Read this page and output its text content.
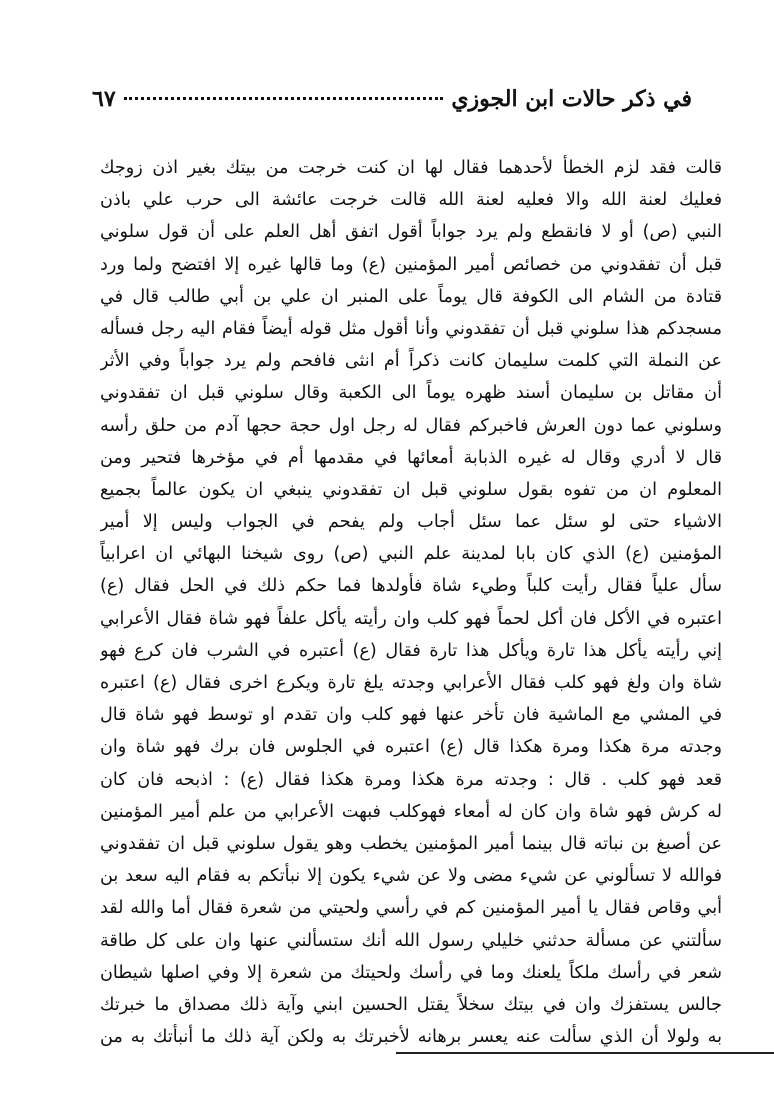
في ذكر حالات ابن الجوزي
٦٧
قالت فقد لزم الخطأ لأحدهما فقال لها ان كنت خرجت من بيتك بغير اذن زوجك
فعليك لعنة الله والا فعليه لعنة الله قالت خرجت عائشة الى حرب علي باذن
النبي (ص) أو لا فانقطع ولم يرد جواباً أقول اتفق أهل العلم على أن قول سلوني
قبل أن تفقدوني من خصائص أمير المؤمنين (ع) وما قالها غيره إلا افتضح ولما ورد
قتادة من الشام الى الكوفة قال يوماً على المنبر ان علي بن أبي طالب قال في
مسجدكم هذا سلوني قبل أن تفقدوني وأنا أقول مثل قوله أيضاً فقام اليه رجل فسأله
عن النملة التي كلمت سليمان كانت ذكراً أم انثى فافحم ولم يرد جواباً وفي الأثر
أن مقاتل بن سليمان أسند ظهره يوماً الى الكعبة وقال سلوني قبل ان تفقدوني
وسلوني عما دون العرش فاخبركم فقال له رجل اول حجة حجها آدم من حلق رأسه
قال لا أدري وقال له غيره الذبابة أمعائها في مقدمها أم في مؤخرها فتحير ومن
المعلوم ان من تفوه بقول سلوني قبل ان تفقدوني ينبغي ان يكون عالماً بجميع
الاشياء حتى لو سئل عما سئل أجاب ولم يفحم في الجواب وليس إلا أمير
المؤمنين (ع) الذي كان بابا لمدينة علم النبي (ص) روى شيخنا البهائي ان اعرابياً
سأل علياً فقال رأيت كلباً وطيء شاة فأولدها فما حكم ذلك في الحل فقال (ع)
اعتبره في الأكل فان أكل لحماً فهو كلب وان رأيته يأكل علفاً فهو شاة فقال الأعرابي
إني رأيته يأكل هذا تارة ويأكل هذا تارة فقال (ع) أعتبره في الشرب فان كرع فهو
شاة وان ولغ فهو كلب فقال الأعرابي وجدته يلغ تارة ويكرع اخرى فقال (ع) اعتبره
في المشي مع الماشية فان تأخر عنها فهو كلب وان تقدم او توسط فهو شاة قال
وجدته مرة هكذا ومرة هكذا قال (ع) اعتبره في الجلوس فان برك فهو شاة وان
قعد فهو كلب . قال : وجدته مرة هكذا ومرة هكذا فقال (ع) : اذبحه فان كان
له كرش فهو شاة وان كان له أمعاء فهوكلب فبهت الأعرابي من علم أمير المؤمنين
عن أصبغ بن نباته قال بينما أمير المؤمنين يخطب وهو يقول سلوني قبل ان تفقدوني
فوالله لا تسألوني عن شيء مضى ولا عن شيء يكون إلا نبأتكم به فقام اليه سعد بن
أبي وقاص فقال يا أمير المؤمنين كم في رأسي ولحيتي من شعرة فقال أما والله لقد
سألتني عن مسألة حدثني خليلي رسول الله أنك ستسألني عنها وان على كل طاقة
شعر في رأسك ملكاً يلعنك وما في رأسك ولحيتك من شعرة إلا وفي اصلها شيطان
جالس يستفزك وان في بيتك سخلاً يقتل الحسين ابني وآية ذلك مصداق ما خبرتك
به ولولا أن الذي سألت عنه يعسر برهانه لأخبرتك به ولكن آية ذلك ما أنبأتك به من
